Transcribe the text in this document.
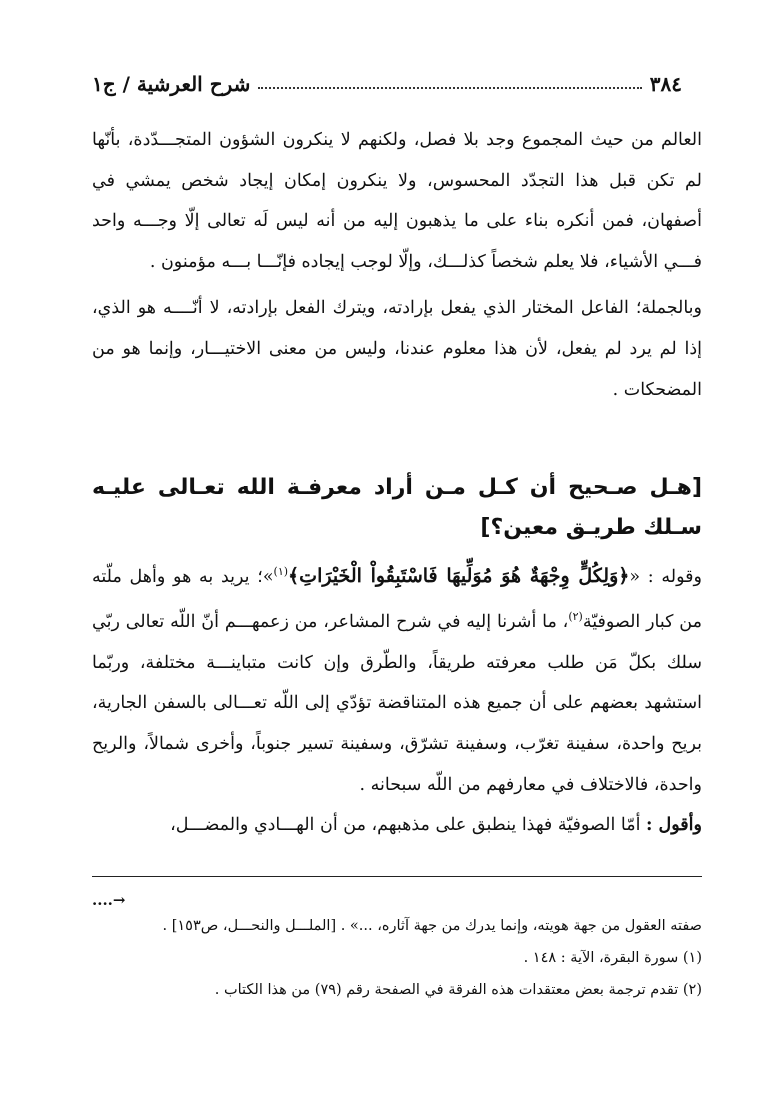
٣٨٤
شرح العرشية / ج١

العالم من حيث المجموع وجد بلا فصل، ولكنهم لا ينكرون الشؤون المتجـــدّدة، بأنّها لم تكن قبل هذا التجدّد المحسوس، ولا ينكرون إمكان إيجاد شخص يمشي في أصفهان، فمن أنكره بناء على ما يذهبون إليه من أنه ليس لَه تعالى إلّا وجـــه واحد فـــي الأشياء، فلا يعلم شخصاً كذلـــك، وإلّا لوجب إيجاده فإنّـــا بـــه مؤمنون .

وبالجملة؛ الفاعل المختار الذي يفعل بإرادته، ويترك الفعل بإرادته، لا أنّــــه هو الذي، إذا لم يرد لم يفعل، لأن هذا معلوم عندنا، وليس من معنى الاختيـــار، وإنما هو من المضحكات .

[هـل صـحيح أن كـل مـن أراد معرفـة الله تعـالى عليـه سـلك طريـق معين؟]

وقوله : «﴿وَلِكُلٍّ وِجْهَةٌ هُوَ مُوَلِّيهَا فَاسْتَبِقُواْ الْخَيْرَاتِ﴾$^{(١)}$»؛ يريد به هو وأهل ملّته من كبار الصوفيّة$^{(٢)}$، ما أشرنا إليه في شرح المشاعر، من زعمهـــم أنّ اللّه تعالى ربّي سلك بكلّ مَن طلب معرفته طريقاً، والطّرق وإن كانت متباينـــة مختلفة، وربّما استشهد بعضهم على أن جميع هذه المتناقضة تؤدّي إلى اللّه تعـــالى بالسفن الجارية، بريح واحدة، سفينة تغرّب، وسفينة تشرّق، وسفينة تسير جنوباً، وأخرى شمالاً، والريح واحدة، فالاختلاف في معارفهم من اللّه سبحانه .

وأقول : أمّا الصوفيّة فهذا ينطبق على مذهبهم، من أن الهـــادي والمضـــل،

....→

صفته العقول من جهة هويته، وإنما يدرك من جهة آثاره، ...» . [الملـــل والنحـــل، ص١٥٣] .

(١) سورة البقرة، الآية : ١٤٨ .

(٢) تقدم ترجمة بعض معتقدات هذه الفرقة في الصفحة رقم (٧٩) من هذا الكتاب .
